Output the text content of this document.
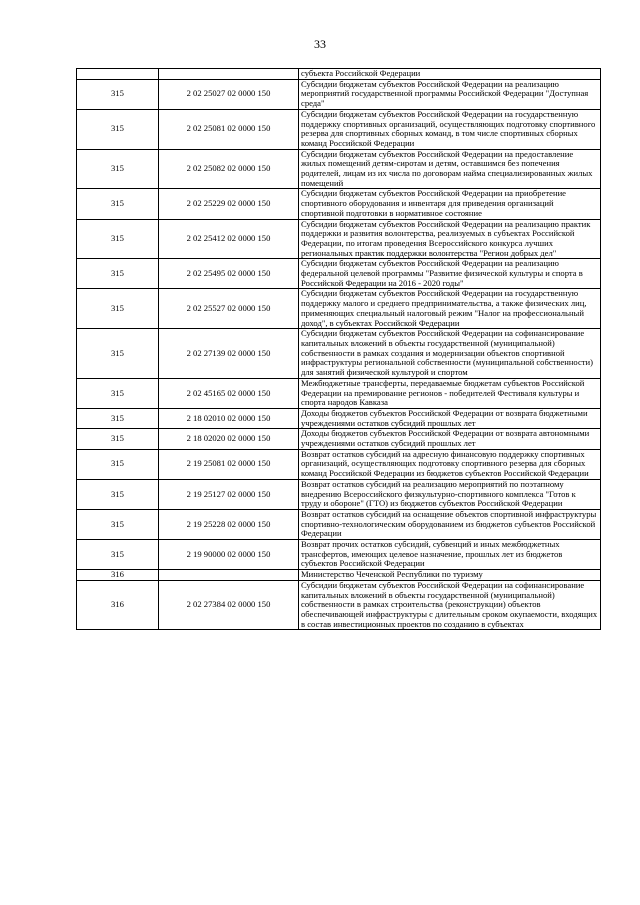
33
		субъекта Российской Федерации
315	2 02 25027 02 0000 150	Субсидии бюджетам субъектов Российской Федерации на реализацию мероприятий государственной программы Российской Федерации "Доступная среда"
315	2 02 25081 02 0000 150	Субсидии бюджетам субъектов Российской Федерации на государственную поддержку спортивных организаций, осуществляющих подготовку спортивного резерва для спортивных сборных команд, в том числе спортивных сборных команд Российской Федерации
315	2 02 25082 02 0000 150	Субсидии бюджетам субъектов Российской Федерации на предоставление жилых помещений детям-сиротам и детям, оставшимся без попечения родителей, лицам из их числа по договорам найма специализированных жилых помещений
315	2 02 25229 02 0000 150	Субсидии бюджетам субъектов Российской Федерации на приобретение спортивного оборудования и инвентаря для приведения организаций спортивной подготовки в нормативное состояние
315	2 02 25412 02 0000 150	Субсидии бюджетам субъектов Российской Федерации на реализацию практик поддержки и развития волонтерства, реализуемых в субъектах Российской Федерации, по итогам проведения Всероссийского конкурса лучших региональных практик поддержки волонтерства "Регион добрых дел"
315	2 02 25495 02 0000 150	Субсидии бюджетам субъектов Российской Федерации на реализацию федеральной целевой программы "Развитие физической культуры и спорта в Российской Федерации на 2016 - 2020 годы"
315	2 02 25527 02 0000 150	Субсидии бюджетам субъектов Российской Федерации на государственную поддержку малого и среднего предпринимательства, а также физических лиц, применяющих специальный налоговый режим "Налог на профессиональный доход", в субъектах Российской Федерации
315	2 02 27139 02 0000 150	Субсидии бюджетам субъектов Российской Федерации на софинансирование капитальных вложений в объекты государственной (муниципальной) собственности в рамках создания и модернизации объектов спортивной инфраструктуры региональной собственности (муниципальной собственности) для занятий физической культурой и спортом
315	2 02 45165 02 0000 150	Межбюджетные трансферты, передаваемые бюджетам субъектов Российской Федерации на премирование регионов - победителей Фестиваля культуры и спорта народов Кавказа
315	2 18 02010 02 0000 150	Доходы бюджетов субъектов Российской Федерации от возврата бюджетными учреждениями остатков субсидий прошлых лет
315	2 18 02020 02 0000 150	Доходы бюджетов субъектов Российской Федерации от возврата автономными учреждениями остатков субсидий прошлых лет
315	2 19 25081 02 0000 150	Возврат остатков субсидий на адресную финансовую поддержку спортивных организаций, осуществляющих подготовку спортивного резерва для сборных команд Российской Федерации из бюджетов субъектов Российской Федерации
315	2 19 25127 02 0000 150	Возврат остатков субсидий на реализацию мероприятий по поэтапному внедрению Всероссийского физкультурно-спортивного комплекса "Готов к труду и обороне" (ГТО) из бюджетов субъектов Российской Федерации
315	2 19 25228 02 0000 150	Возврат остатков субсидий на оснащение объектов спортивной инфраструктуры спортивно-технологическим оборудованием из бюджетов субъектов Российской Федерации
315	2 19 90000 02 0000 150	Возврат прочих остатков субсидий, субвенций и иных межбюджетных трансфертов, имеющих целевое назначение, прошлых лет из бюджетов субъектов Российской Федерации
316		Министерство Чеченской Республики по туризму
316	2 02 27384 02 0000 150	Субсидии бюджетам субъектов Российской Федерации на софинансирование капитальных вложений в объекты государственной (муниципальной) собственности в рамках строительства (реконструкции) объектов обеспечивающей инфраструктуры с длительным сроком окупаемости, входящих в состав инвестиционных проектов по созданию в субъектах
